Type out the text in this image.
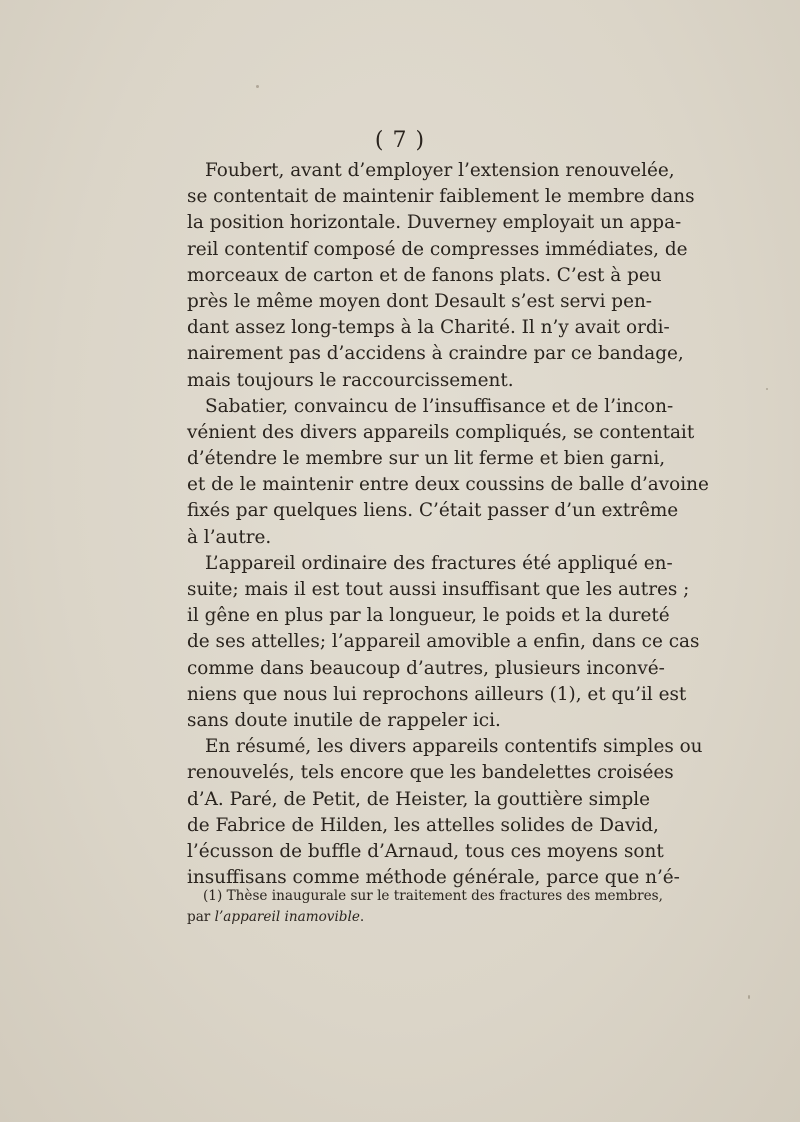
( 7 )
Foubert, avant d’employer l’extension renouvelée,
se contentait de maintenir faiblement le membre dans
la position horizontale. Duverney employait un appa-
reil contentif composé de compresses immédiates, de
morceaux de carton et de fanons plats. C’est à peu
près le même moyen dont Desault s’est servi pen-
dant assez long-temps à la Charité. Il n’y avait ordi-
nairement pas d’accidens à craindre par ce bandage,
mais toujours le raccourcissement.
Sabatier, convaincu de l’insuffisance et de l’incon-
vénient des divers appareils compliqués, se contentait
d’étendre le membre sur un lit ferme et bien garni,
et de le maintenir entre deux coussins de balle d’avoine
fixés par quelques liens. C’était passer d’un extrême
à l’autre.
L’appareil ordinaire des fractures été appliqué en-
suite; mais il est tout aussi insuffisant que les autres ;
il gêne en plus par la longueur, le poids et la dureté
de ses attelles; l’appareil amovible a enfin, dans ce cas
comme dans beaucoup d’autres, plusieurs inconvé-
niens que nous lui reprochons ailleurs (1), et qu’il est
sans doute inutile de rappeler ici.
En résumé, les divers appareils contentifs simples ou
renouvelés, tels encore que les bandelettes croisées
d’A. Paré, de Petit, de Heister, la gouttière simple
de Fabrice de Hilden, les attelles solides de David,
l’écusson de buffle d’Arnaud, tous ces moyens sont
insuffisans comme méthode générale, parce que n’é-
(1) Thèse inaugurale sur le traitement des fractures des membres,
par l’appareil inamovible.
